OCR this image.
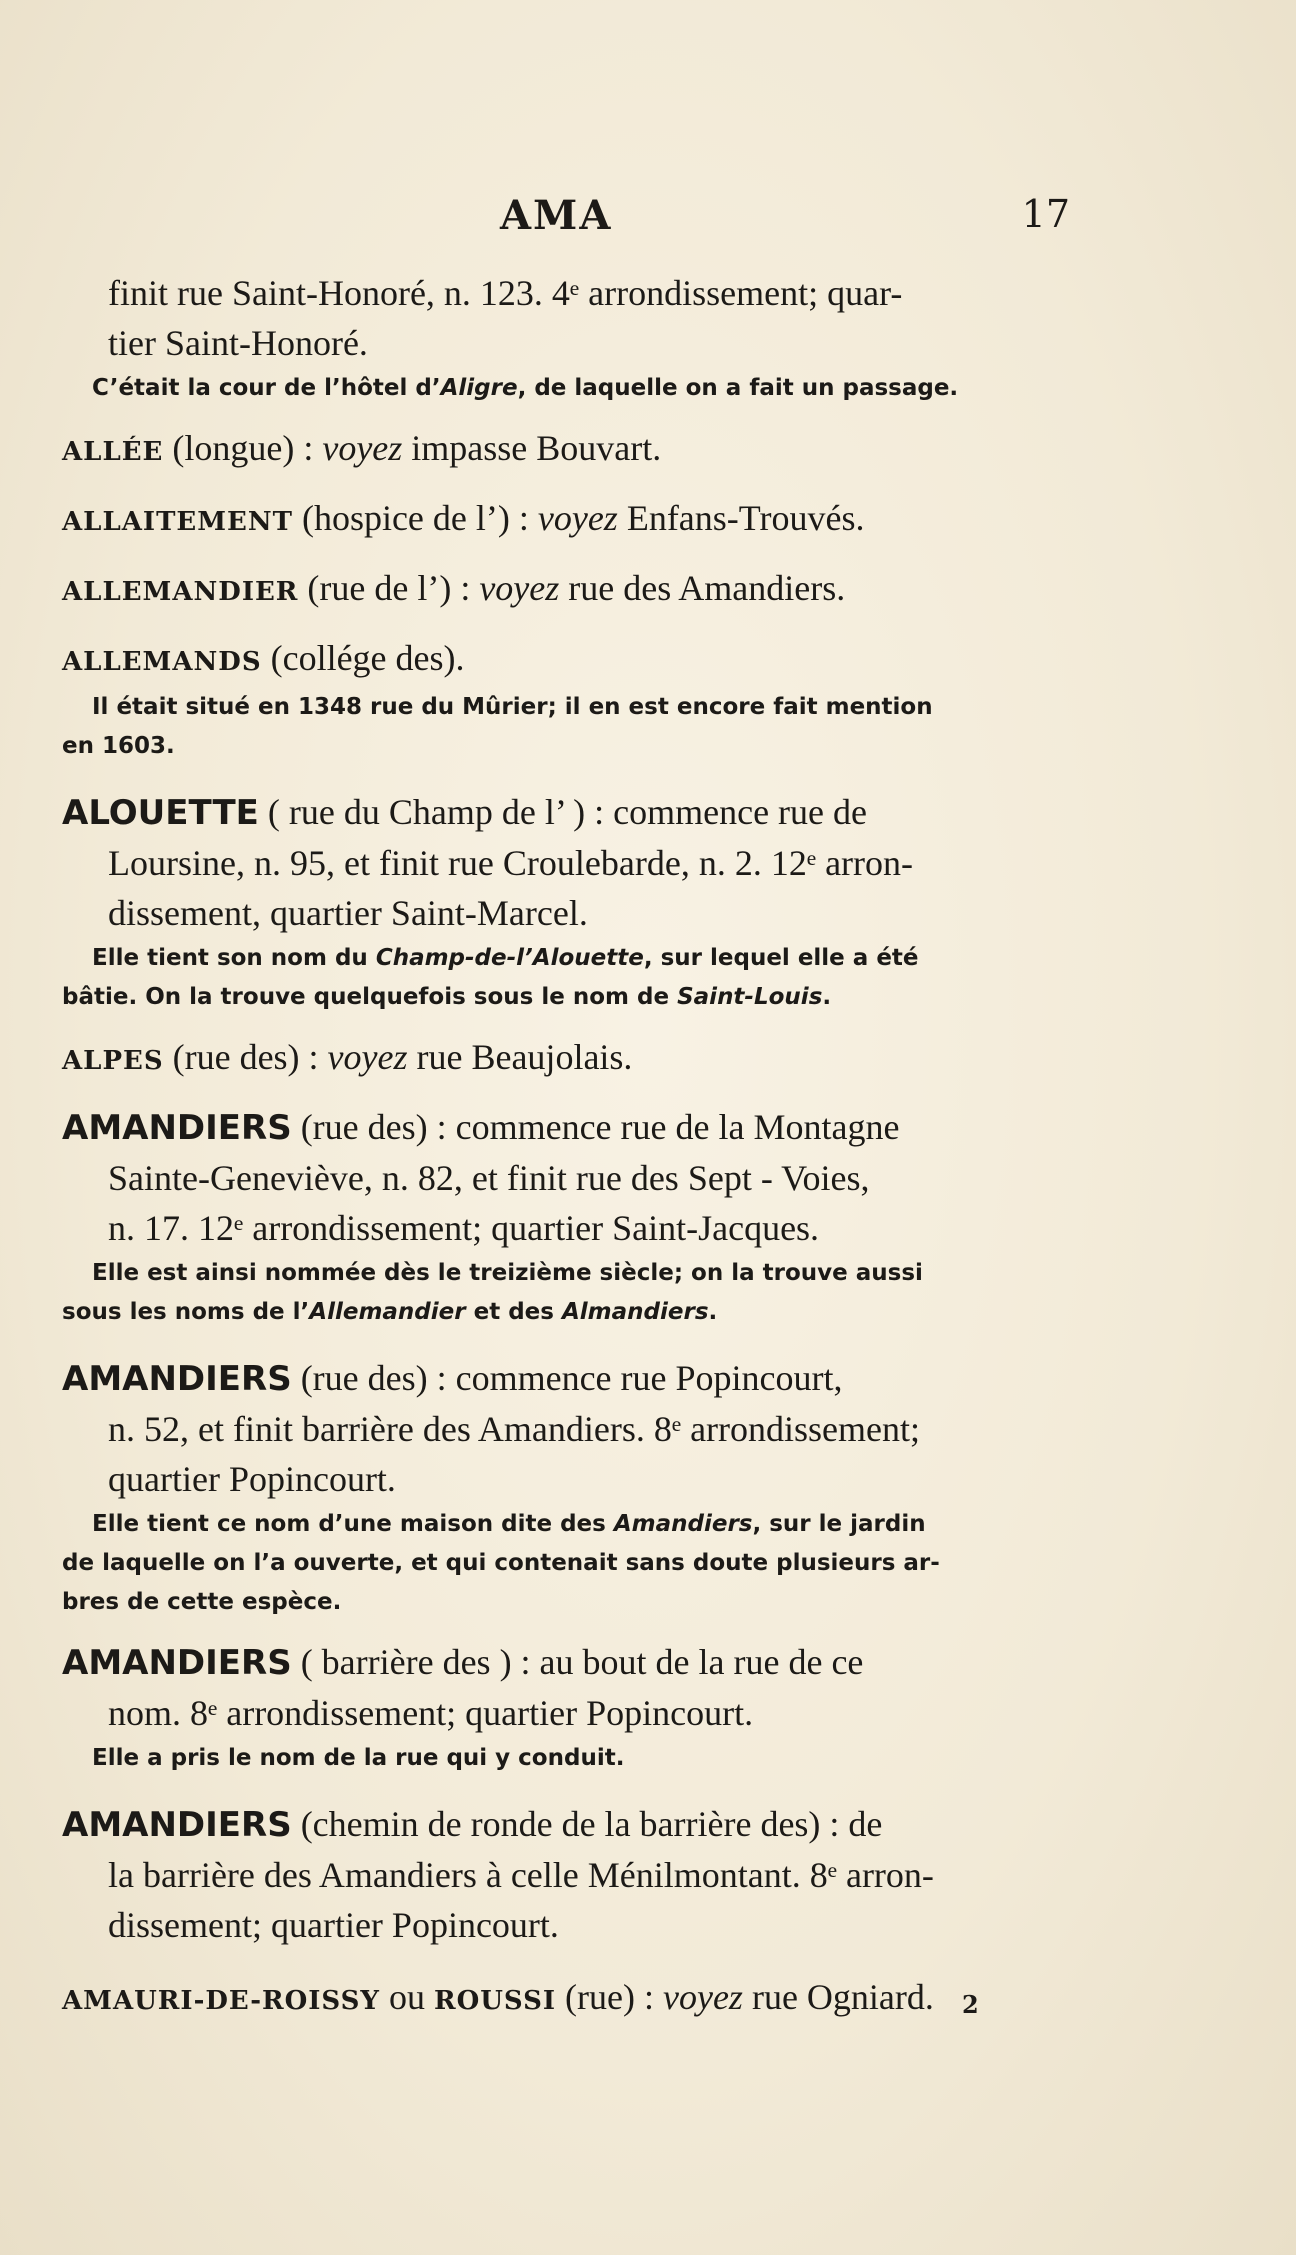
AMA	17
finit rue Saint-Honoré, n. 123. 4ᵉ arrondissement; quar-
tier Saint-Honoré.
C’était la cour de l’hôtel d’Aligre, de laquelle on a fait un passage.
ALLÉE (longue) : voyez impasse Bouvart.
ALLAITEMENT (hospice de l’) : voyez Enfans-Trouvés.
ALLEMANDIER (rue de l’) : voyez rue des Amandiers.
ALLEMANDS (collége des).
Il était situé en 1348 rue du Mûrier; il en est encore fait mention
en 1603.
ALOUETTE ( rue du Champ de l’ ) : commence rue de
Loursine, n. 95, et finit rue Croulebarde, n. 2. 12ᵉ arron-
dissement, quartier Saint-Marcel.
Elle tient son nom du Champ-de-l’Alouette, sur lequel elle a été
bâtie. On la trouve quelquefois sous le nom de Saint-Louis.
ALPES (rue des) : voyez rue Beaujolais.
AMANDIERS (rue des) : commence rue de la Montagne
Sainte-Geneviève, n. 82, et finit rue des Sept - Voies,
n. 17. 12ᵉ arrondissement; quartier Saint-Jacques.
Elle est ainsi nommée dès le treizième siècle; on la trouve aussi
sous les noms de l’Allemandier et des Almandiers.
AMANDIERS (rue des) : commence rue Popincourt,
n. 52, et finit barrière des Amandiers. 8ᵉ arrondissement;
quartier Popincourt.
Elle tient ce nom d’une maison dite des Amandiers, sur le jardin
de laquelle on l’a ouverte, et qui contenait sans doute plusieurs ar-
bres de cette espèce.
AMANDIERS ( barrière des ) : au bout de la rue de ce
nom. 8ᵉ arrondissement; quartier Popincourt.
Elle a pris le nom de la rue qui y conduit.
AMANDIERS (chemin de ronde de la barrière des) : de
la barrière des Amandiers à celle Ménilmontant. 8ᵉ arron-
dissement; quartier Popincourt.
AMAURI-DE-ROISSY ou ROUSSI (rue) : voyez rue Ogniard.	2
